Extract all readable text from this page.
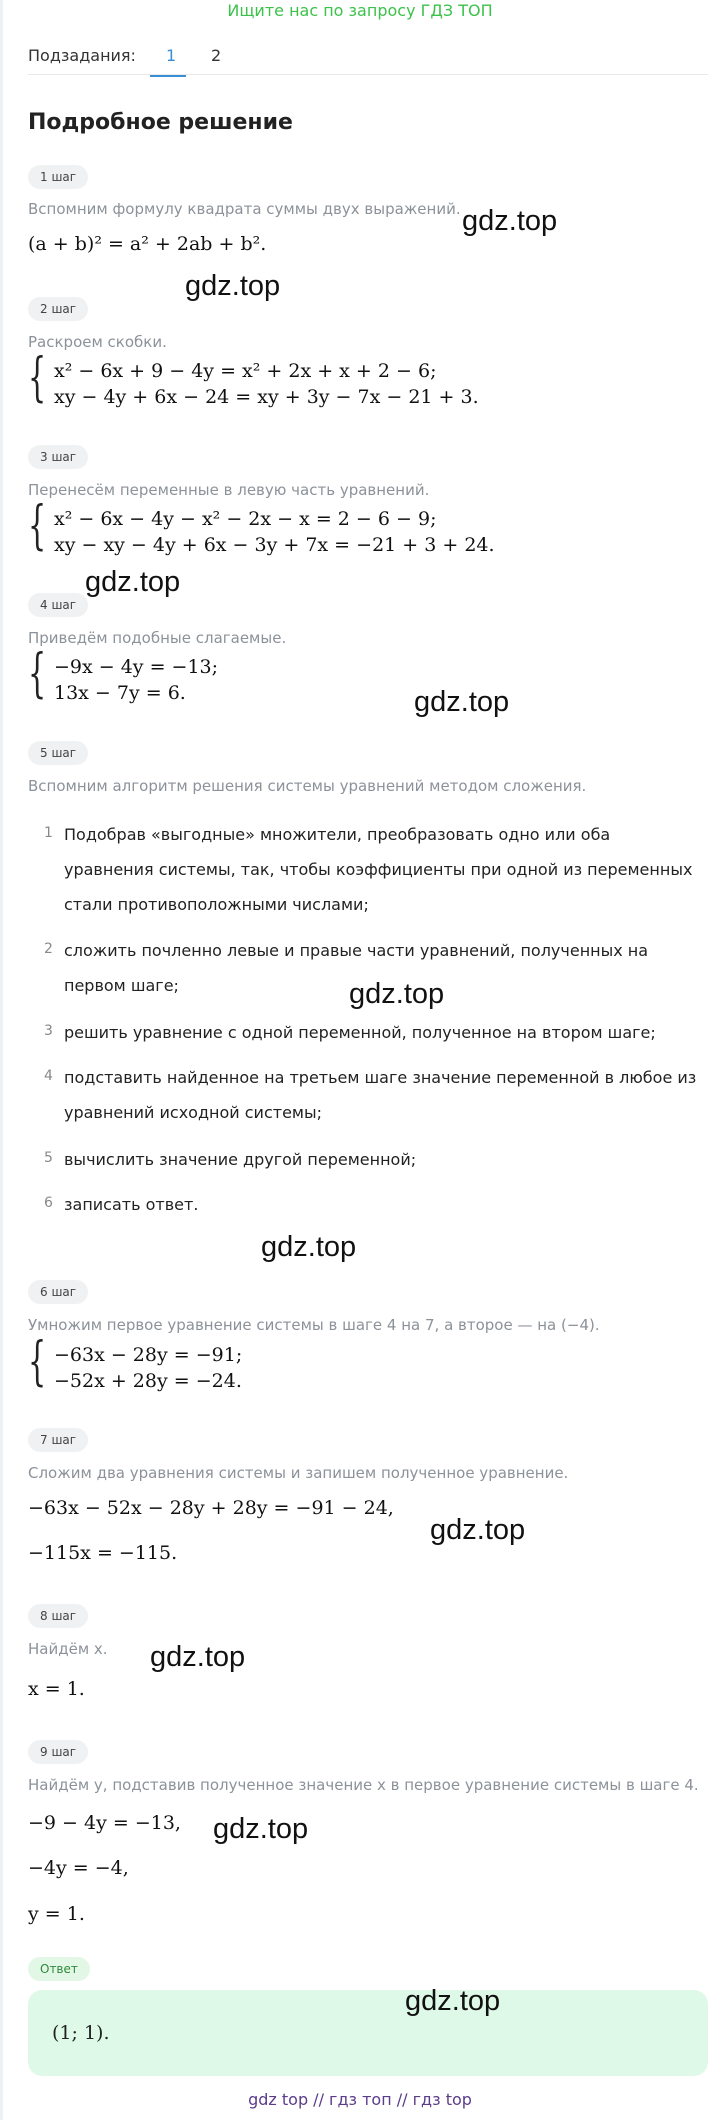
Ищите нас по запросу ГДЗ ТОП
Подзадания: 1 2
Подробное решение
1 шаг
Вспомним формулу квадрата суммы двух выражений.
(a + b)² = a² + 2ab + b².
2 шаг
Раскроем скобки.
{ x² − 6x + 9 − 4y = x² + 2x + x + 2 − 6;
xy − 4y + 6x − 24 = xy + 3y − 7x − 21 + 3.
3 шаг
Перенесём переменные в левую часть уравнений.
{ x² − 6x − 4y − x² − 2x − x = 2 − 6 − 9;
xy − xy − 4y + 6x − 3y + 7x = −21 + 3 + 24.
4 шаг
Приведём подобные слагаемые.
{ −9x − 4y = −13;
13x − 7y = 6.
5 шаг
Вспомним алгоритм решения системы уравнений методом сложения.
1 Подобрав «выгодные» множители, преобразовать одно или оба уравнения системы, так, чтобы коэффициенты при одной из переменных стали противоположными числами;
2 сложить почленно левые и правые части уравнений, полученных на первом шаге;
3 решить уравнение с одной переменной, полученное на втором шаге;
4 подставить найденное на третьем шаге значение переменной в любое из уравнений исходной системы;
5 вычислить значение другой переменной;
6 записать ответ.
6 шаг
Умножим первое уравнение системы в шаге 4 на 7, а второе — на (−4).
{ −63x − 28y = −91;
−52x + 28y = −24.
7 шаг
Сложим два уравнения системы и запишем полученное уравнение.
−63x − 52x − 28y + 28y = −91 − 24,
−115x = −115.
8 шаг
Найдём x.
x = 1.
9 шаг
Найдём y, подставив полученное значение x в первое уравнение системы в шаге 4.
−9 − 4y = −13,
−4y = −4,
y = 1.
Ответ
(1; 1).
gdz.top
gdz.top
gdz.top
gdz.top
gdz.top
gdz.top
gdz.top
gdz.top
gdz.top
gdz.top
gdz top // гдз топ // гдз top
